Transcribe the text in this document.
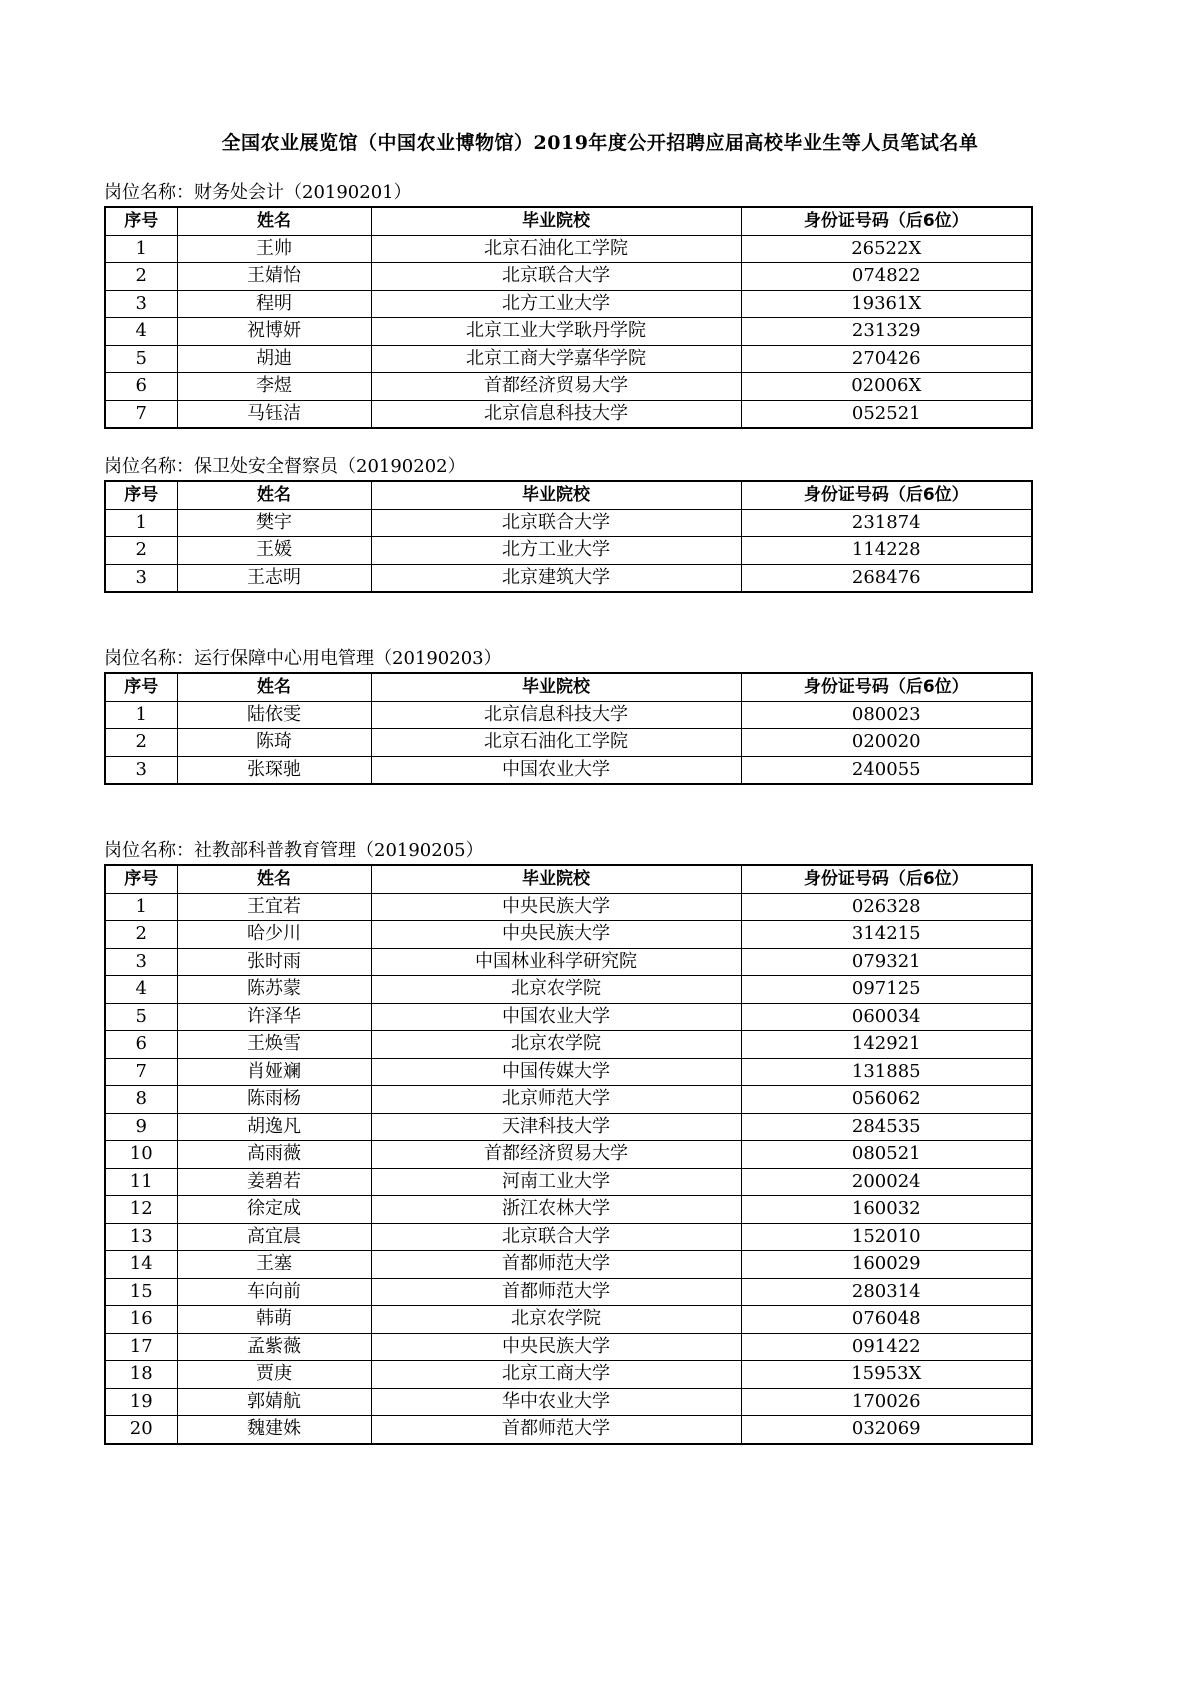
全国农业展览馆（中国农业博物馆）2019年度公开招聘应届高校毕业生等人员笔试名单
岗位名称：财务处会计（20190201）
序号	姓名	毕业院校	身份证号码（后6位）
1	王帅	北京石油化工学院	26522X
2	王婧怡	北京联合大学	074822
3	程明	北方工业大学	19361X
4	祝博妍	北京工业大学耿丹学院	231329
5	胡迪	北京工商大学嘉华学院	270426
6	李煜	首都经济贸易大学	02006X
7	马钰洁	北京信息科技大学	052521
岗位名称：保卫处安全督察员（20190202）
序号	姓名	毕业院校	身份证号码（后6位）
1	樊宇	北京联合大学	231874
2	王媛	北方工业大学	114228
3	王志明	北京建筑大学	268476
岗位名称：运行保障中心用电管理（20190203）
序号	姓名	毕业院校	身份证号码（后6位）
1	陆依雯	北京信息科技大学	080023
2	陈琦	北京石油化工学院	020020
3	张琛驰	中国农业大学	240055
岗位名称：社教部科普教育管理（20190205）
序号	姓名	毕业院校	身份证号码（后6位）
1	王宜若	中央民族大学	026328
2	哈少川	中央民族大学	314215
3	张时雨	中国林业科学研究院	079321
4	陈苏蒙	北京农学院	097125
5	许泽华	中国农业大学	060034
6	王焕雪	北京农学院	142921
7	肖娅斓	中国传媒大学	131885
8	陈雨杨	北京师范大学	056062
9	胡逸凡	天津科技大学	284535
10	高雨薇	首都经济贸易大学	080521
11	姜碧若	河南工业大学	200024
12	徐定成	浙江农林大学	160032
13	高宜晨	北京联合大学	152010
14	王塞	首都师范大学	160029
15	车向前	首都师范大学	280314
16	韩萌	北京农学院	076048
17	孟紫薇	中央民族大学	091422
18	贾庚	北京工商大学	15953X
19	郭婧航	华中农业大学	170026
20	魏建姝	首都师范大学	032069
